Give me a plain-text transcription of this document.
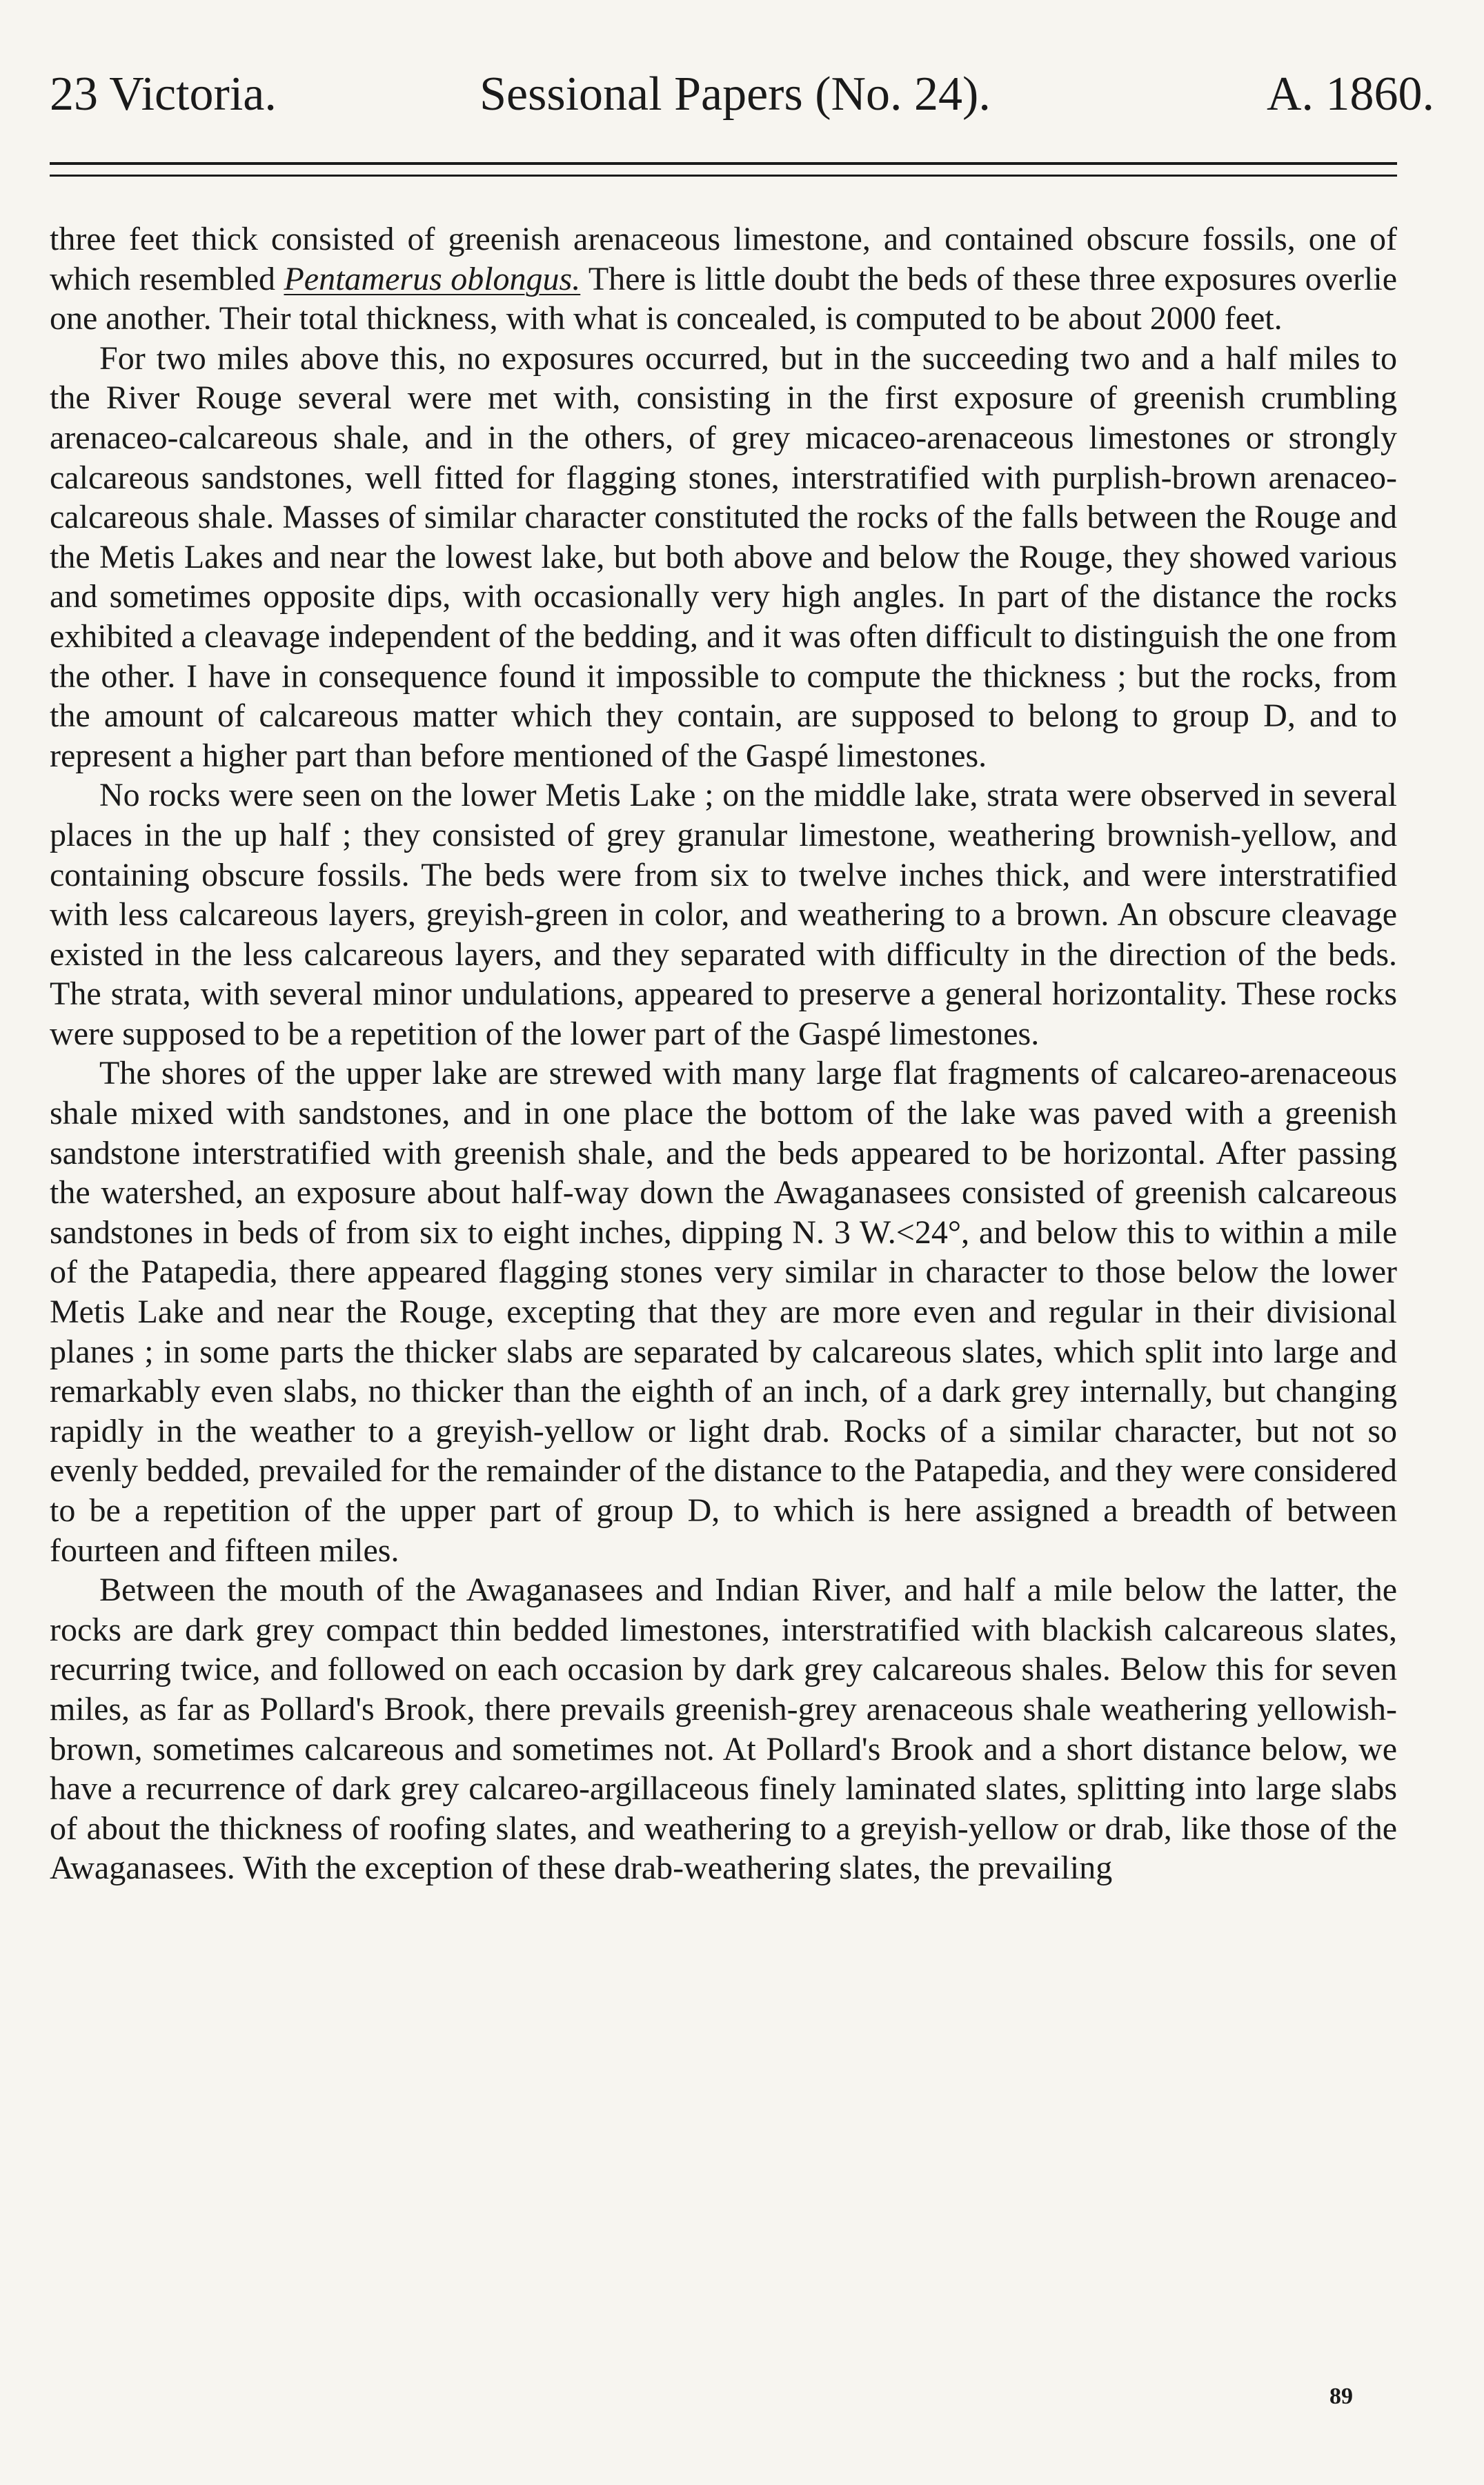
23 Victoria.	Sessional Papers (No. 24).	A. 1860.

three feet thick consisted of greenish arenaceous limestone, and contained obscure fossils, one of which resembled Pentamerus oblongus. There is little doubt the beds of these three exposures overlie one another. Their total thickness, with what is concealed, is computed to be about 2000 feet.

For two miles above this, no exposures occurred, but in the succeeding two and a half miles to the River Rouge several were met with, consisting in the first exposure of greenish crumbling arenaceo-calcareous shale, and in the others, of grey micaceo-arenaceous limestones or strongly calcareous sandstones, well fitted for flagging stones, interstratified with purplish-brown arenaceo-calcareous shale. Masses of similar character constituted the rocks of the falls between the Rouge and the Metis Lakes and near the lowest lake, but both above and below the Rouge, they showed various and sometimes opposite dips, with occasionally very high angles. In part of the distance the rocks exhibited a cleavage independent of the bedding, and it was often difficult to distinguish the one from the other. I have in consequence found it impossible to compute the thickness ; but the rocks, from the amount of calcareous matter which they contain, are supposed to belong to group D, and to represent a higher part than before mentioned of the Gaspé limestones.

No rocks were seen on the lower Metis Lake ; on the middle lake, strata were observed in several places in the up half ; they consisted of grey granular limestone, weathering brownish-yellow, and containing obscure fossils. The beds were from six to twelve inches thick, and were interstratified with less calcareous layers, greyish-green in color, and weathering to a brown. An obscure cleavage existed in the less calcareous layers, and they separated with difficulty in the direction of the beds. The strata, with several minor undulations, appeared to preserve a general horizontality. These rocks were supposed to be a repetition of the lower part of the Gaspé limestones.

The shores of the upper lake are strewed with many large flat fragments of calcareo-arenaceous shale mixed with sandstones, and in one place the bottom of the lake was paved with a greenish sandstone interstratified with greenish shale, and the beds appeared to be horizontal. After passing the watershed, an exposure about half-way down the Awaganasees consisted of greenish calcareous sandstones in beds of from six to eight inches, dipping N. 3 W.<24°, and below this to within a mile of the Patapedia, there appeared flagging stones very similar in character to those below the lower Metis Lake and near the Rouge, excepting that they are more even and regular in their divisional planes ; in some parts the thicker slabs are separated by calcareous slates, which split into large and remarkably even slabs, no thicker than the eighth of an inch, of a dark grey internally, but changing rapidly in the weather to a greyish-yellow or light drab. Rocks of a similar character, but not so evenly bedded, prevailed for the remainder of the distance to the Patapedia, and they were considered to be a repetition of the upper part of group D, to which is here assigned a breadth of between fourteen and fifteen miles.

Between the mouth of the Awaganasees and Indian River, and half a mile below the latter, the rocks are dark grey compact thin bedded limestones, interstratified with blackish calcareous slates, recurring twice, and followed on each occasion by dark grey calcareous shales. Below this for seven miles, as far as Pollard's Brook, there prevails greenish-grey arenaceous shale weathering yellowish-brown, sometimes calcareous and sometimes not. At Pollard's Brook and a short distance below, we have a recurrence of dark grey calcareo-argillaceous finely laminated slates, splitting into large slabs of about the thickness of roofing slates, and weathering to a greyish-yellow or drab, like those of the Awaganasees. With the exception of these drab-weathering slates, the prevailing

89
